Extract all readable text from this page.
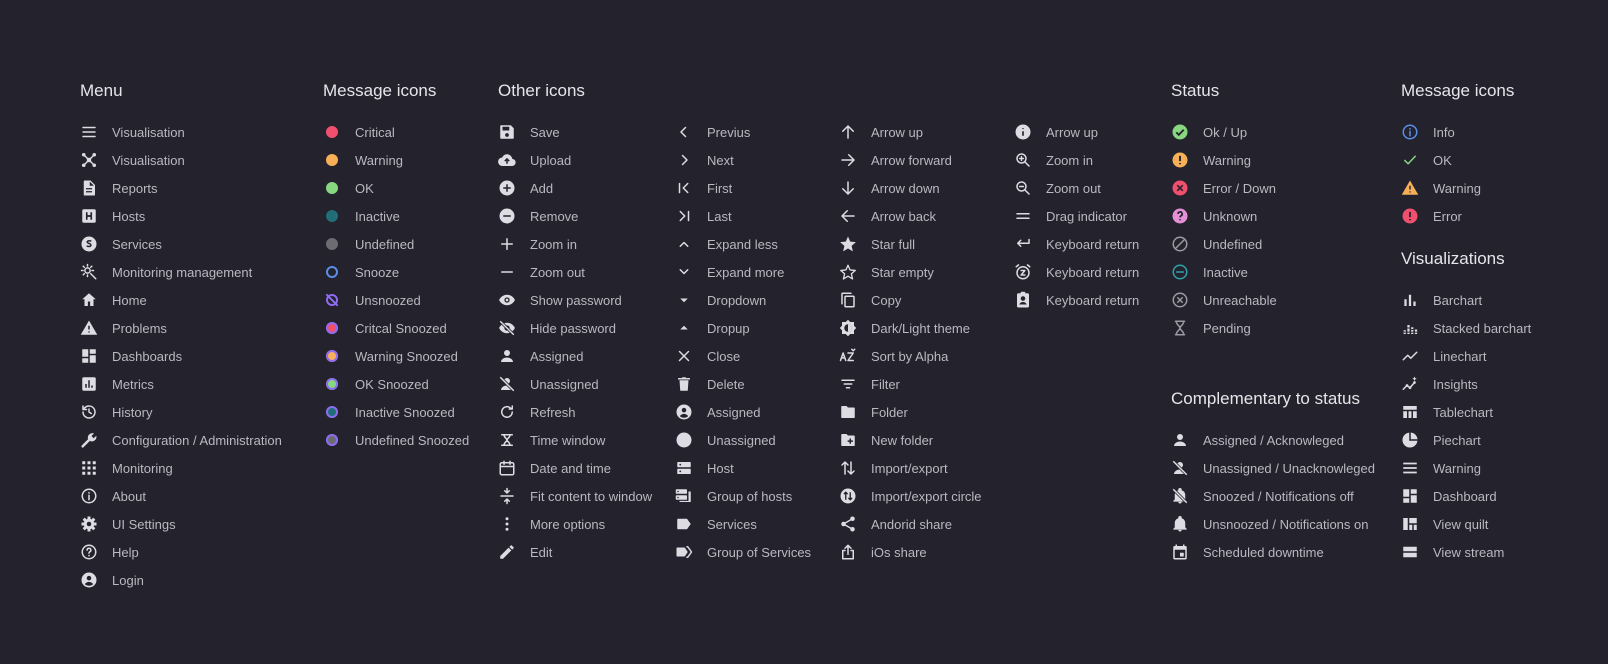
Menu
Visualisation
Visualisation
Reports
Hosts
Services
Monitoring management
Home
Problems
Dashboards
Metrics
History
Configuration / Administration
Monitoring
About
UI Settings
Help
Login
Message icons
Critical
Warning
OK
Inactive
Undefined
Snooze
Unsnoozed
Critcal Snoozed
Warning Snoozed
OK Snoozed
Inactive Snoozed
Undefined Snoozed
Other icons
Save
Upload
Add
Remove
Zoom in
Zoom out
Show password
Hide password
Assigned
Unassigned
Refresh
Time window
Date and time
Fit content to window
More options
Edit
Previus
Next
First
Last
Expand less
Expand more
Dropdown
Dropup
Close
Delete
Assigned
Unassigned
Host
Group of hosts
Services
Group of Services
Arrow up
Arrow forward
Arrow down
Arrow back
Star full
Star empty
Copy
Dark/Light theme
Sort by Alpha
Filter
Folder
New folder
Import/export
Import/export circle
Andorid share
iOs share
Arrow up
Zoom in
Zoom out
Drag indicator
Keyboard return
Keyboard return
Keyboard return
Status
Ok / Up
Warning
Error / Down
Unknown
Undefined
Inactive
Unreachable
Pending
Complementary to status
Assigned / Acknowleged
Unassigned / Unacknowleged
Snoozed / Notifications off
Unsnoozed / Notifications on
Scheduled downtime
Message icons
Info
OK
Warning
Error
Visualizations
Barchart
Stacked barchart
Linechart
Insights
Tablechart
Piechart
Warning
Dashboard
View quilt
View stream
